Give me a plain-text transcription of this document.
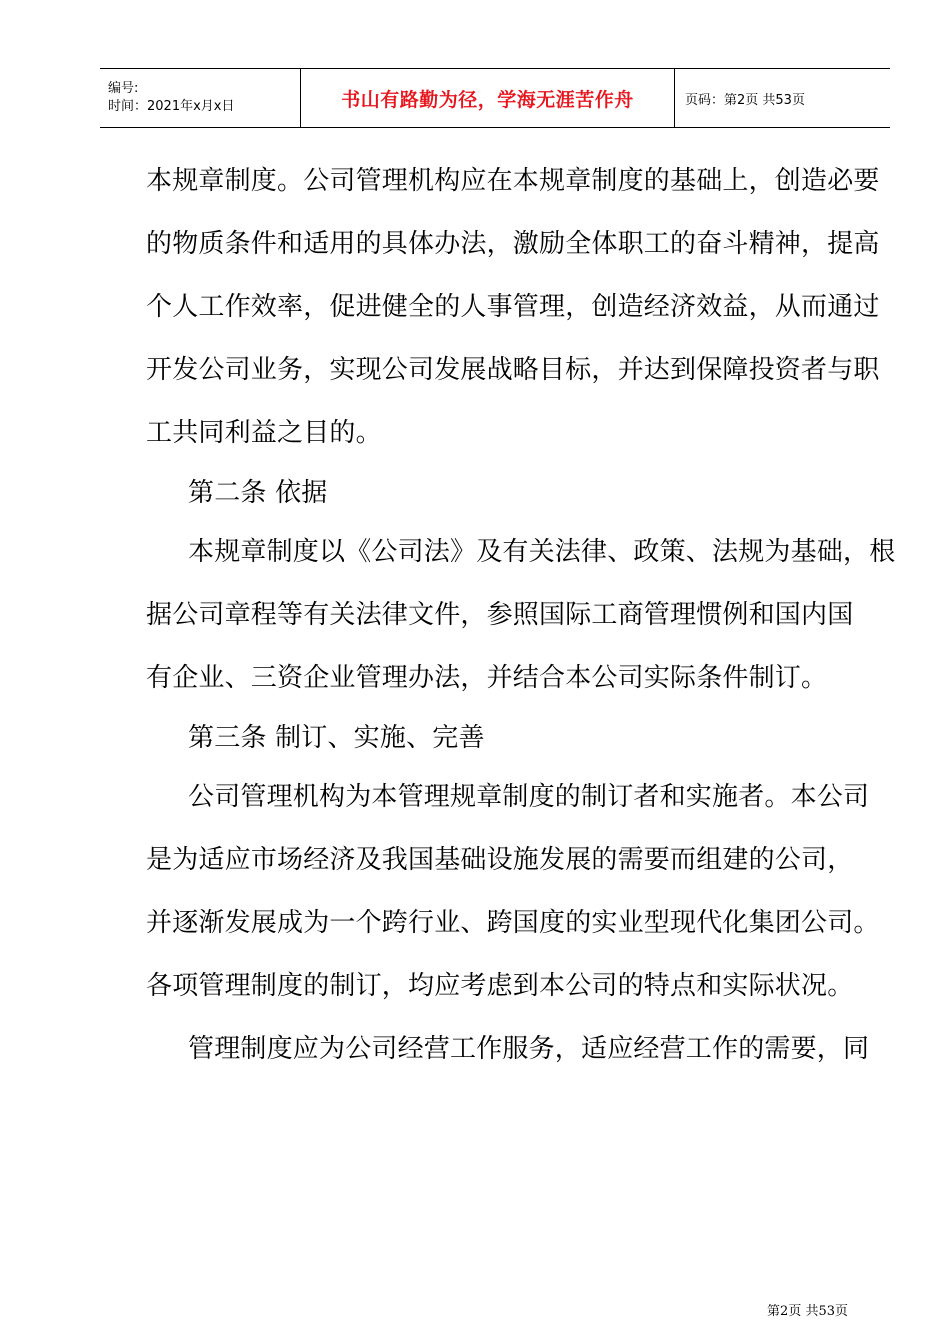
编号:
时间：2021年x月x日	书山有路勤为径，学海无涯苦作舟	页码：第2页 共53页
本规章制度。公司管理机构应在本规章制度的基础上，创造必要
的物质条件和适用的具体办法，激励全体职工的奋斗精神，提高
个人工作效率，促进健全的人事管理，创造经济效益，从而通过
开发公司业务，实现公司发展战略目标，并达到保障投资者与职
工共同利益之目的。
第二条 依据
本规章制度以《公司法》及有关法律、政策、法规为基础，根
据公司章程等有关法律文件，参照国际工商管理惯例和国内国
有企业、三资企业管理办法，并结合本公司实际条件制订。
第三条 制订、实施、完善
公司管理机构为本管理规章制度的制订者和实施者。本公司
是为适应市场经济及我国基础设施发展的需要而组建的公司，
并逐渐发展成为一个跨行业、跨国度的实业型现代化集团公司。
各项管理制度的制订，均应考虑到本公司的特点和实际状况。
管理制度应为公司经营工作服务，适应经营工作的需要，同
第2页 共53页
